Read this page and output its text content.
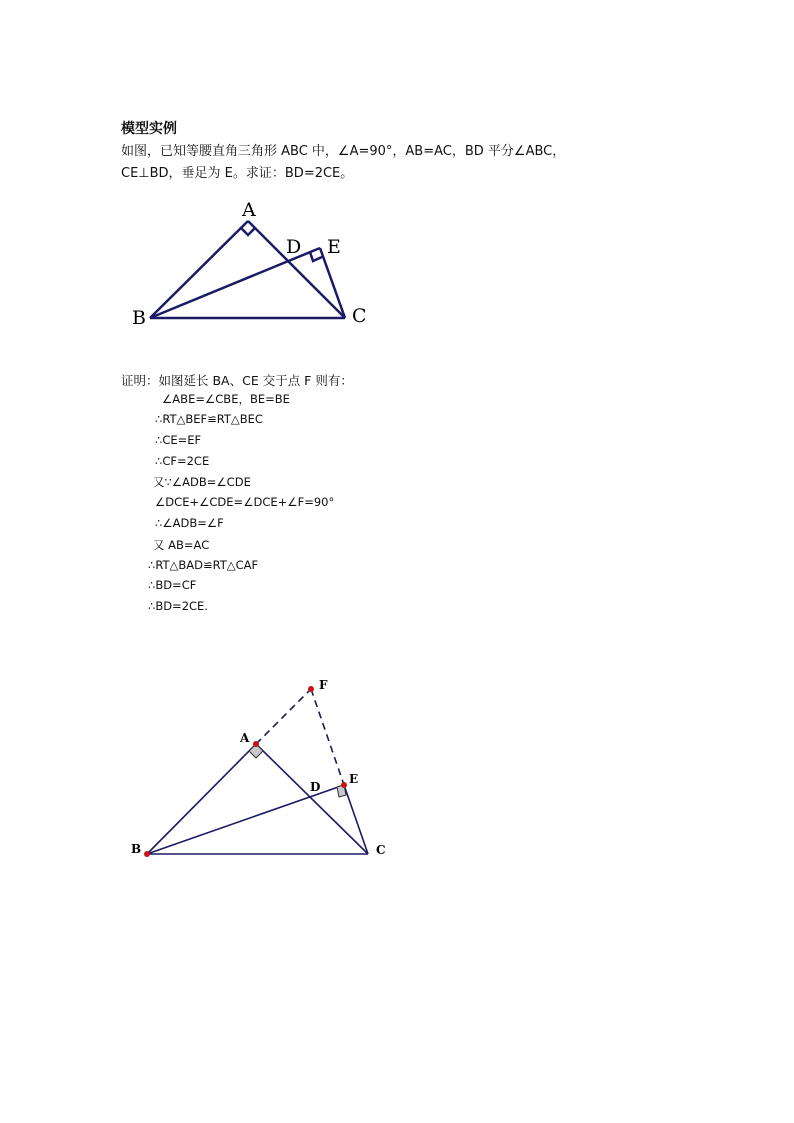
模型实例
如图，已知等腰直角三角形 ABC 中，∠A=90°，AB=AC，BD 平分∠ABC，
CE⊥BD，垂足为 E。求证：BD=2CE。
A
D E
B	C
证明：如图延长 BA、CE 交于点 F 则有：
∠ABE=∠CBE，BE=BE
∴RT△BEF≌RT△BEC
∴CE=EF
∴CF=2CE
又∵∠ADB=∠CDE
∠DCE+∠CDE=∠DCE+∠F=90°
∴∠ADB=∠F
又 AB=AC
∴RT△BAD≌RT△CAF
∴BD=CF
∴BD=2CE.
F
A
D
E
B	C
